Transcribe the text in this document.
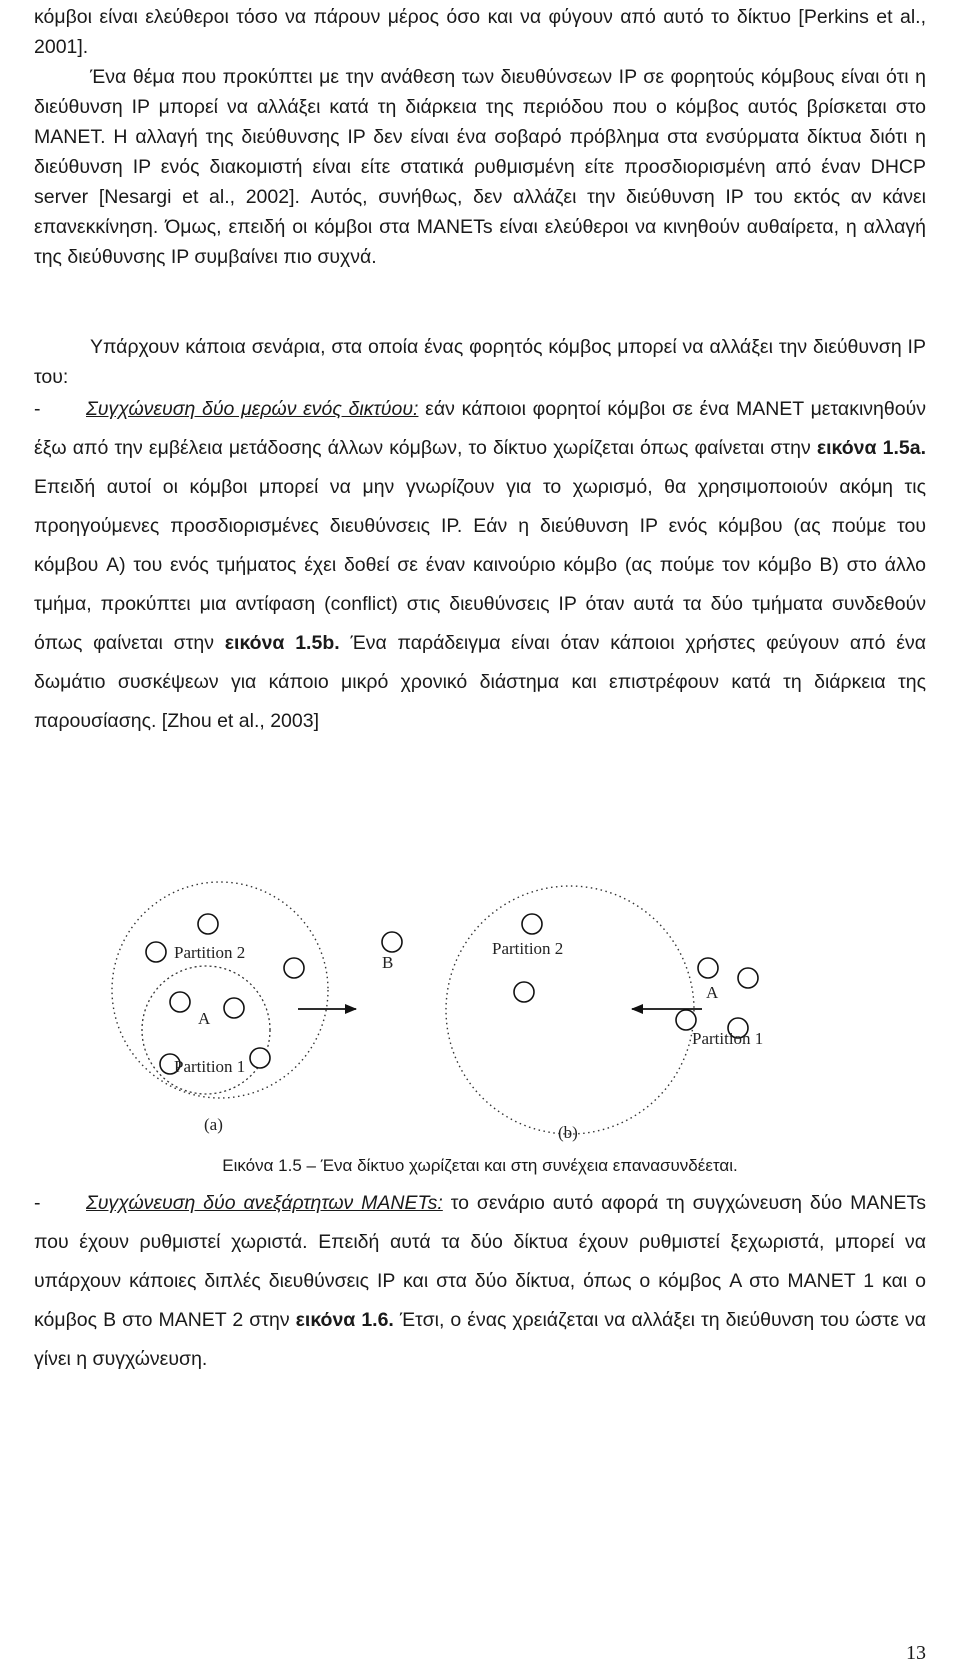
κόμβοι είναι ελεύθεροι τόσο να πάρουν μέρος όσο και να φύγουν από αυτό το δίκτυο [Perkins et al., 2001].

Ένα θέμα που προκύπτει με την ανάθεση των διευθύνσεων IP σε φορητούς κόμβους είναι ότι η διεύθυνση IP μπορεί να αλλάξει κατά τη διάρκεια της περιόδου που ο κόμβος αυτός βρίσκεται στο MANET. Η αλλαγή της διεύθυνσης IP δεν είναι ένα σοβαρό πρόβλημα στα ενσύρματα δίκτυα διότι η διεύθυνση IP ενός διακομιστή είναι είτε στατικά ρυθμισμένη είτε προσδιορισμένη από έναν DHCP server [Nesargi et al., 2002]. Αυτός, συνήθως, δεν αλλάζει την διεύθυνση IP του εκτός αν κάνει επανεκκίνηση. Όμως, επειδή οι κόμβοι στα MANETs είναι ελεύθεροι να κινηθούν αυθαίρετα, η αλλαγή της διεύθυνσης IP συμβαίνει πιο συχνά.

Υπάρχουν κάποια σενάρια, στα οποία ένας φορητός κόμβος μπορεί να αλλάξει την διεύθυνση IP του:

- Συγχώνευση δύο μερών ενός δικτύου: εάν κάποιοι φορητοί κόμβοι σε ένα MANET μετακινηθούν έξω από την εμβέλεια μετάδοσης άλλων κόμβων, το δίκτυο χωρίζεται όπως φαίνεται στην εικόνα 1.5a. Επειδή αυτοί οι κόμβοι μπορεί να μην γνωρίζουν για το χωρισμό, θα χρησιμοποιούν ακόμη τις προηγούμενες προσδιορισμένες διευθύνσεις IP. Εάν η διεύθυνση IP ενός κόμβου (ας πούμε του κόμβου A) του ενός τμήματος έχει δοθεί σε έναν καινούριο κόμβο (ας πούμε τον κόμβο B) στο άλλο τμήμα, προκύπτει μια αντίφαση (conflict) στις διευθύνσεις IP όταν αυτά τα δύο τμήματα συνδεθούν όπως φαίνεται στην εικόνα 1.5b. Ένα παράδειγμα είναι όταν κάποιοι χρήστες φεύγουν από ένα δωμάτιο συσκέψεων για κάποιο μικρό χρονικό διάστημα και επιστρέφουν κατά τη διάρκεια της παρουσίασης. [Zhou et al., 2003]

Partition 2
A
Partition 1
(a)
B
Partition 2
A
Partition 1
(b)
Εικόνα 1.5 – Ένα δίκτυο χωρίζεται και στη συνέχεια επανασυνδέεται.

- Συγχώνευση δύο ανεξάρτητων MANETs: το σενάριο αυτό αφορά τη συγχώνευση δύο MANETs που έχουν ρυθμιστεί χωριστά. Επειδή αυτά τα δύο δίκτυα έχουν ρυθμιστεί ξεχωριστά, μπορεί να υπάρχουν κάποιες διπλές διευθύνσεις IP και στα δύο δίκτυα, όπως ο κόμβος A στο MANET 1 και ο κόμβος B στο MANET 2 στην εικόνα 1.6. Έτσι, ο ένας χρειάζεται να αλλάξει τη διεύθυνση του ώστε να γίνει η συγχώνευση.

13
